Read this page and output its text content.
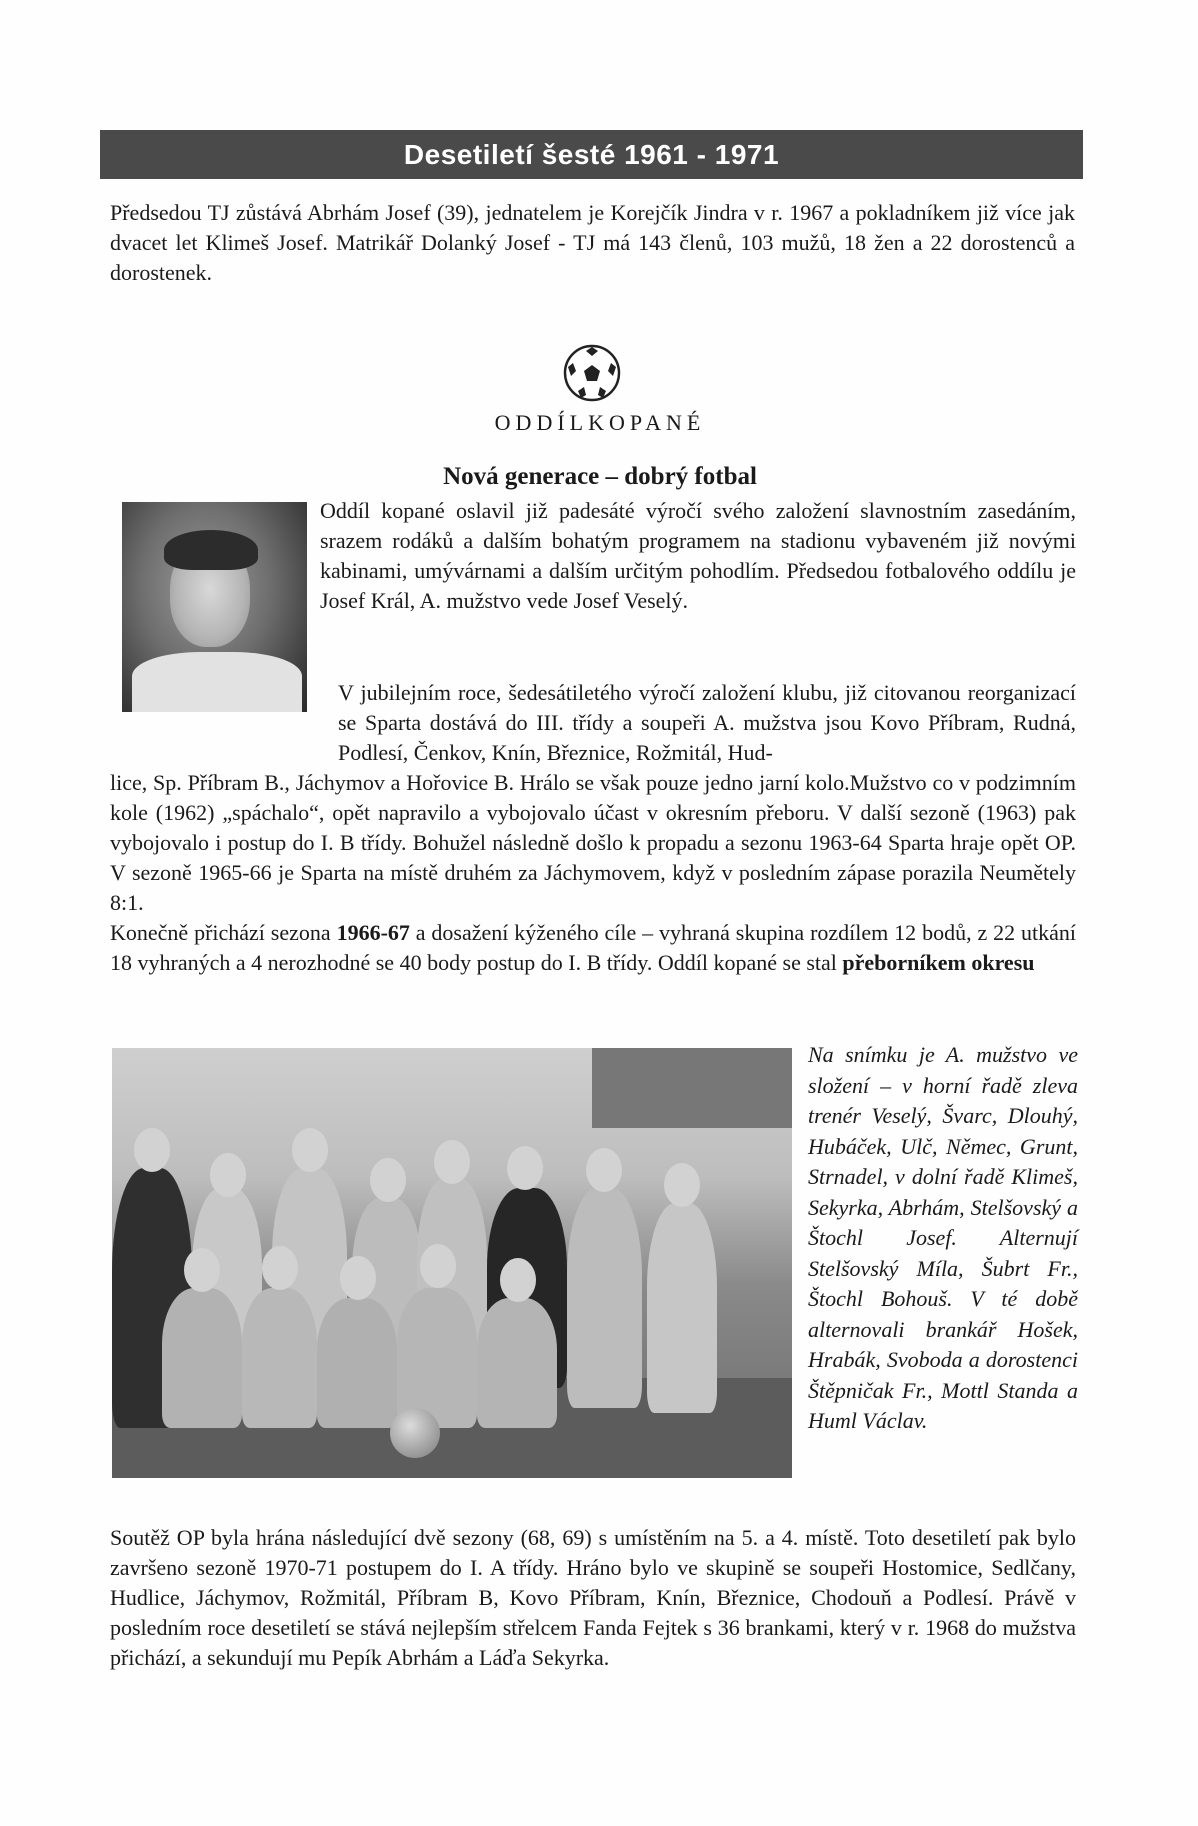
Desetiletí šesté 1961 - 1971

Předsedou TJ zůstává Abrhám Josef (39), jednatelem je Korejčík Jindra v r. 1967 a pokladníkem již více jak dvacet let Klimeš Josef. Matrikář Dolanký Josef - TJ má 143 členů, 103 mužů, 18 žen a 22 dorostenců a dorostenek.

ODDÍLKOPANÉ

Nová generace – dobrý fotbal

Oddíl kopané oslavil již padesáté výročí svého založení slavnostním zasedáním, srazem rodáků a dalším bohatým programem na stadionu vybaveném již novými kabinami, umývárnami a dalším určitým pohodlím. Předsedou fotbalového oddílu je Josef Král, A. mužstvo vede Josef Veselý.

V jubilejním roce, šedesátiletého výročí založení klubu, již citovanou reorganizací se Sparta dostává do III. třídy a soupeři A. mužstva jsou Kovo Příbram, Rudná, Podlesí, Čenkov, Knín, Březnice, Rožmitál, Hud-

lice, Sp. Příbram B., Jáchymov a Hořovice B. Hrálo se však pouze jedno jarní kolo.Mužstvo co v podzimním kole (1962) „spáchalo“, opět napravilo a vybojovalo účast v okresním přeboru. V další sezoně (1963) pak vybojovalo i postup do I. B třídy. Bohužel následně došlo k propadu a sezonu 1963-64 Sparta hraje opět OP. V sezoně 1965-66 je Sparta na místě druhém za Jáchymovem, když v posledním zápase porazila Neumětely 8:1.

Konečně přichází sezona 1966-67 a dosažení kýženého cíle – vyhraná skupina rozdílem 12 bodů, z 22 utkání 18 vyhraných a 4 nerozhodné se 40 body postup do I. B třídy. Oddíl kopané se stal přeborníkem okresu

Na snímku je A. mužstvo ve složení – v horní řadě zleva trenér Veselý, Švarc, Dlouhý, Hubáček, Ulč, Němec, Grunt, Strnadel, v dolní řadě Klimeš, Sekyrka, Abrhám, Stelšovský a Štochl Josef. Alternují Stelšovský Míla, Šubrt Fr., Štochl Bohouš. V té době alternovali brankář Hošek, Hrabák, Svoboda a dorostenci Štěpničak Fr., Mottl Standa a Huml Václav.

Soutěž OP byla hrána následující dvě sezony (68, 69) s umístěním na 5. a 4. místě. Toto desetiletí pak bylo završeno sezoně 1970-71 postupem do I. A třídy. Hráno bylo ve skupině se soupeři Hostomice, Sedlčany, Hudlice, Jáchymov, Rožmitál, Příbram B, Kovo Příbram, Knín, Březnice, Chodouň a Podlesí. Právě v posledním roce desetiletí se stává nejlepším střelcem Fanda Fejtek s 36 brankami, který v r. 1968 do mužstva přichází, a sekundují mu Pepík Abrhám a Láďa Sekyrka.
